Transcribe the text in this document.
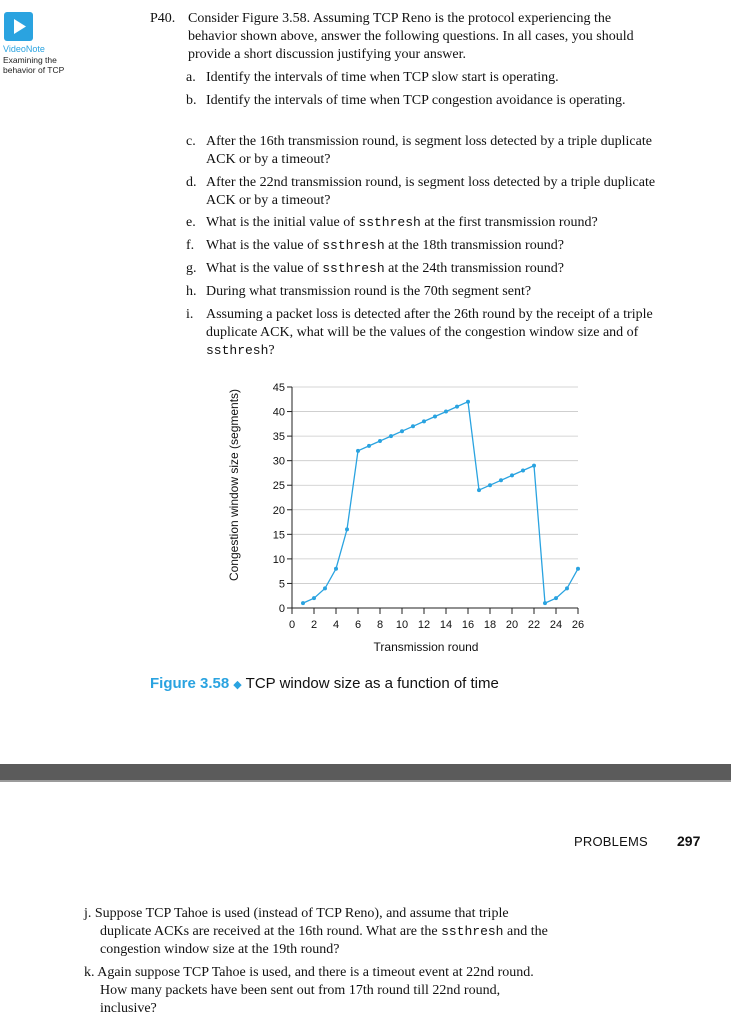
VideoNote
Examining the behavior of TCP
P40. Consider Figure 3.58. Assuming TCP Reno is the protocol experiencing the behavior shown above, answer the following questions. In all cases, you should provide a short discussion justifying your answer.
a. Identify the intervals of time when TCP slow start is operating.
b. Identify the intervals of time when TCP congestion avoidance is operating.
c. After the 16th transmission round, is segment loss detected by a triple duplicate ACK or by a timeout?
d. After the 22nd transmission round, is segment loss detected by a triple duplicate ACK or by a timeout?
e. What is the initial value of ssthresh at the first transmission round?
f. What is the value of ssthresh at the 18th transmission round?
g. What is the value of ssthresh at the 24th transmission round?
h. During what transmission round is the 70th segment sent?
i. Assuming a packet loss is detected after the 26th round by the receipt of a triple duplicate ACK, what will be the values of the congestion window size and of ssthresh?
0
5
10
15
20
25
30
35
40
45
0 2 4 6 8 10 12 14 16 18 20 22 24 26
Congestion window size (segments)
Transmission round
Figure 3.58 ◆ TCP window size as a function of time
PROBLEMS 297
j. Suppose TCP Tahoe is used (instead of TCP Reno), and assume that triple duplicate ACKs are received at the 16th round. What are the ssthresh and the congestion window size at the 19th round?
k. Again suppose TCP Tahoe is used, and there is a timeout event at 22nd round. How many packets have been sent out from 17th round till 22nd round, inclusive?
